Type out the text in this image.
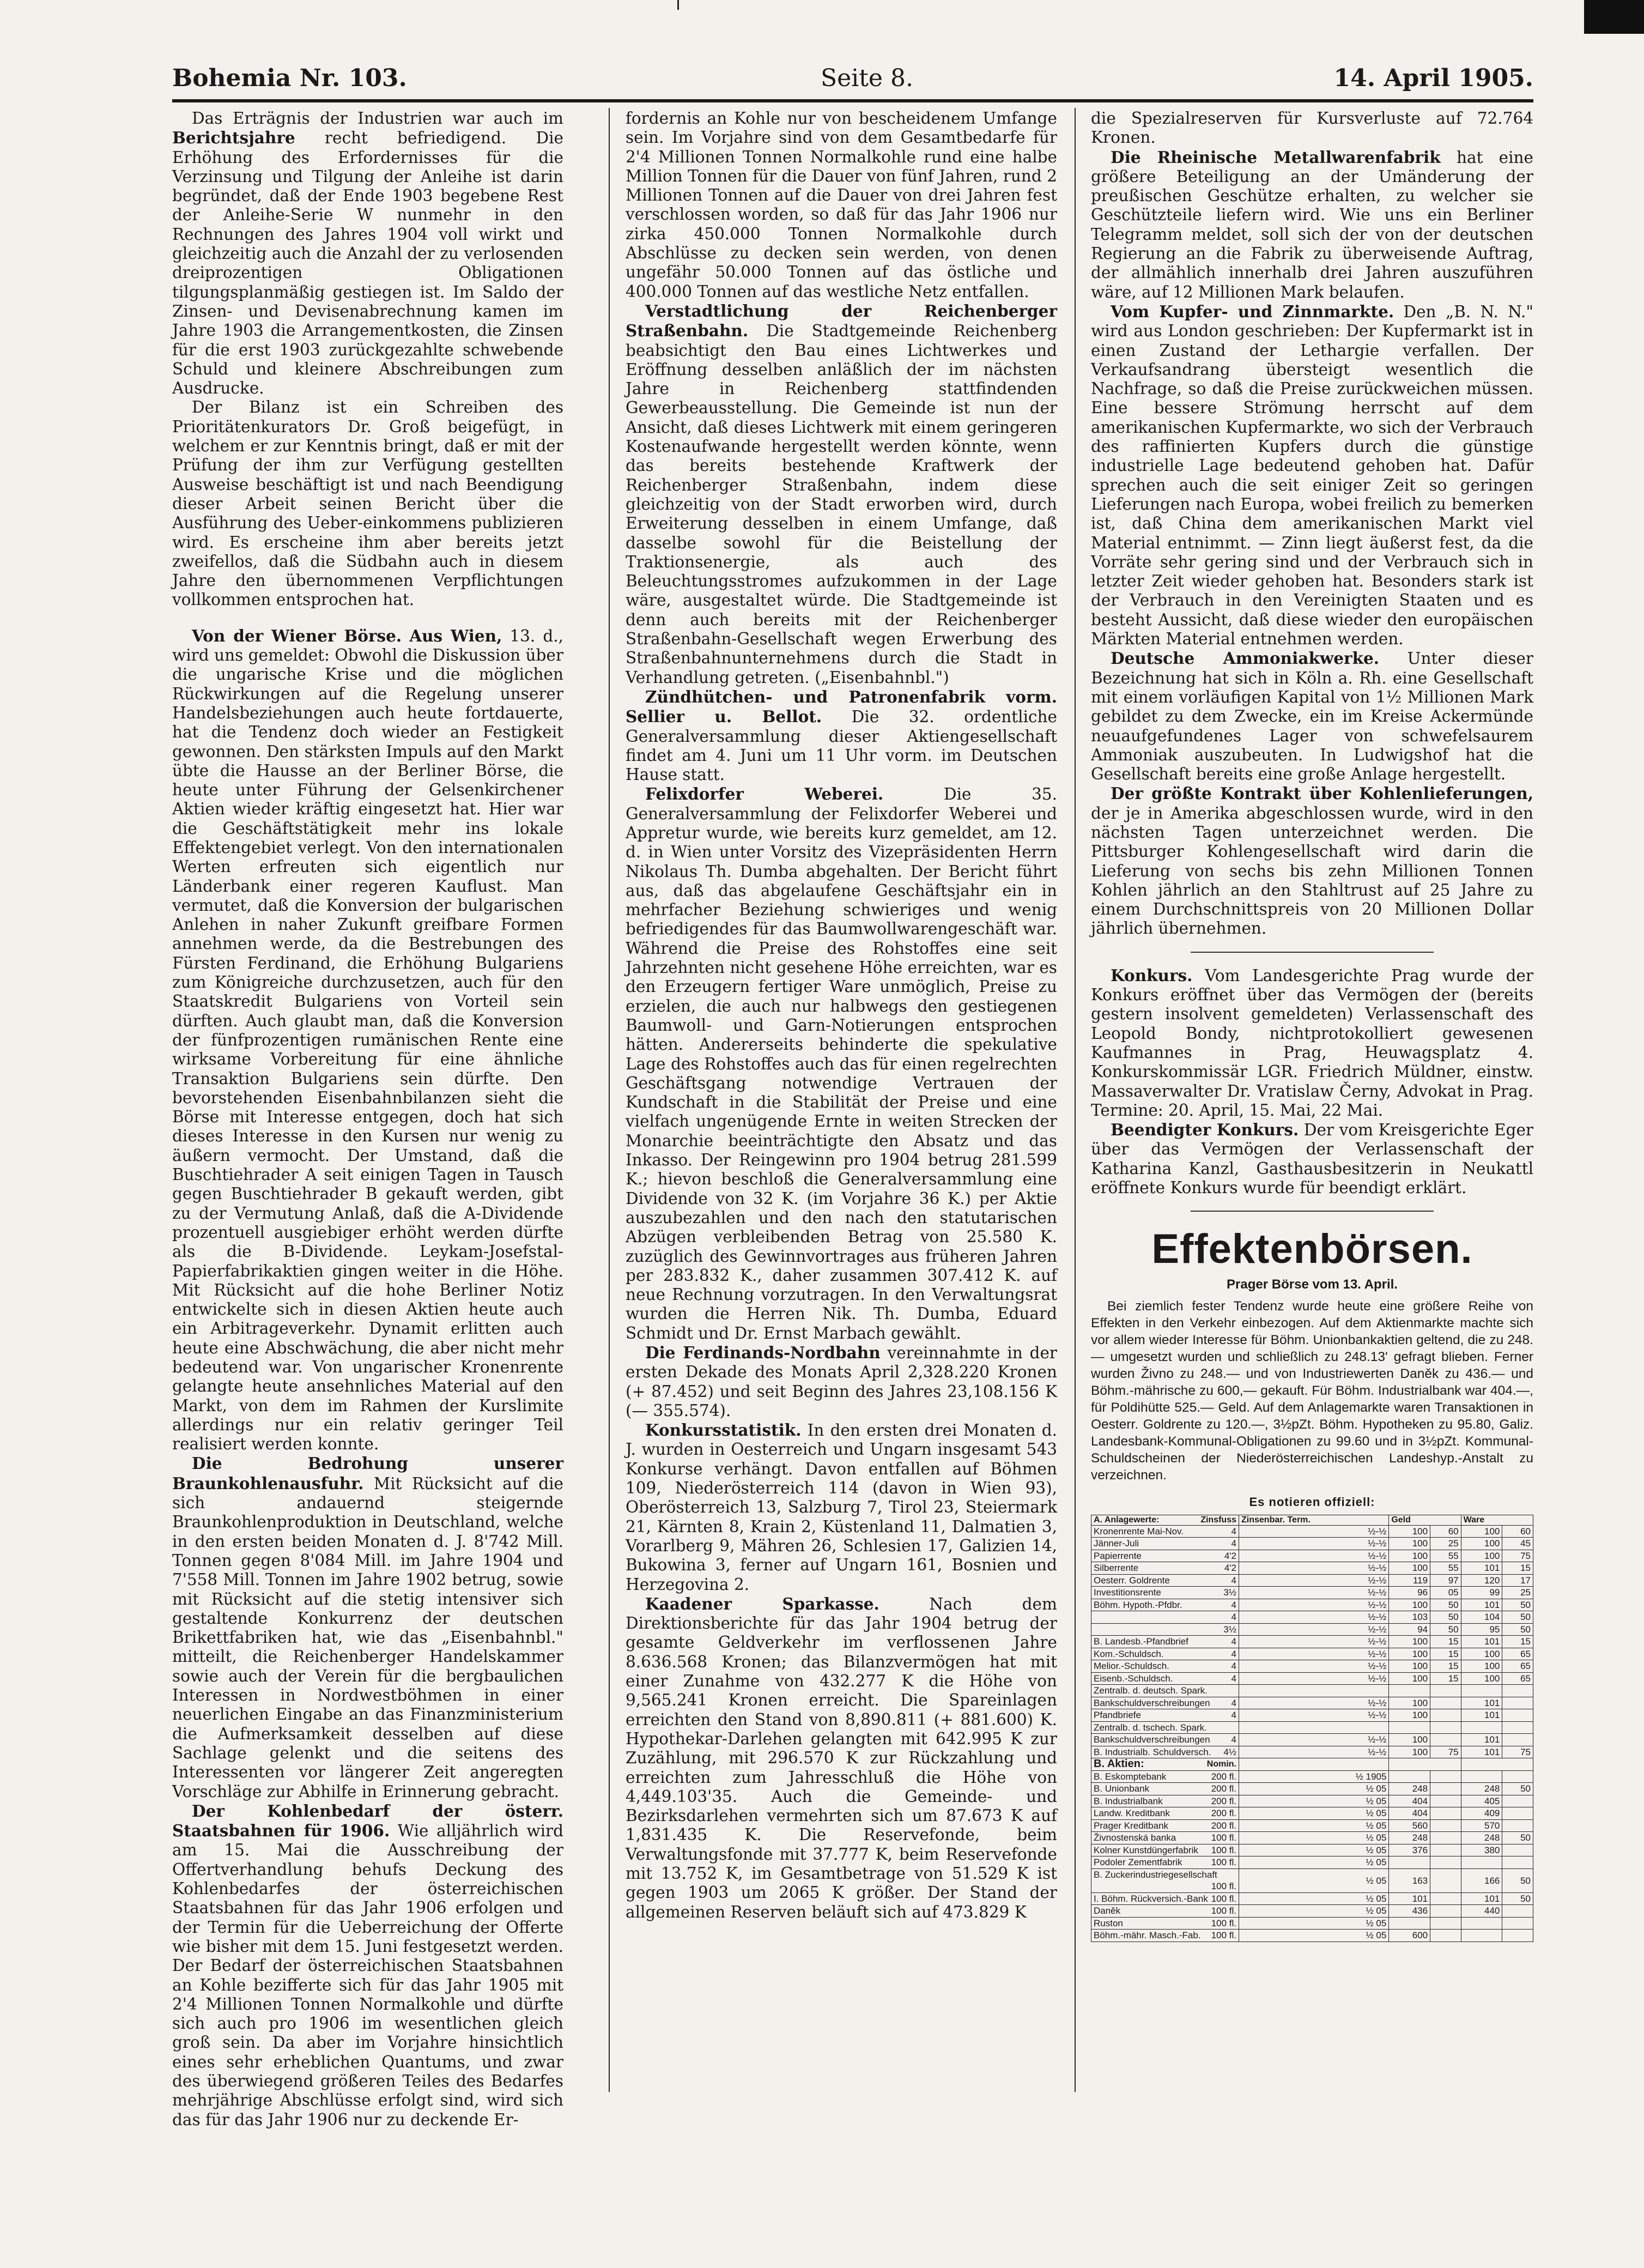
Bohemia Nr. 103.	Seite 8.	14. April 1905.

Das Erträgnis der Industrien war auch im Berichtsjahre recht befriedigend. Die Erhöhung des Erfordernisses für die Verzinsung und Tilgung der Anleihe ist darin begründet, daß der Ende 1903 begebene Rest der Anleihe-Serie W nunmehr in den Rechnungen des Jahres 1904 voll wirkt und gleichzeitig auch die Anzahl der zu verlosenden dreiprozentigen Obligationen tilgungsplanmäßig gestiegen ist. Im Saldo der Zinsen- und Devisenabrechnung kamen im Jahre 1903 die Arrangementkosten, die Zinsen für die erst 1903 zurückgezahlte schwebende Schuld und kleinere Abschreibungen zum Ausdrucke.

Der Bilanz ist ein Schreiben des Prioritätenkurators Dr. Groß beigefügt, in welchem er zur Kenntnis bringt, daß er mit der Prüfung der ihm zur Verfügung gestellten Ausweise beschäftigt ist und nach Beendigung dieser Arbeit seinen Bericht über die Ausführung des Ueber-einkommens publizieren wird. Es erscheine ihm aber bereits jetzt zweifellos, daß die Südbahn auch in diesem Jahre den übernommenen Verpflichtungen vollkommen entsprochen hat.

Von der Wiener Börse. Aus Wien, 13. d., wird uns gemeldet: Obwohl die Diskussion über die ungarische Krise und die möglichen Rückwirkungen auf die Regelung unserer Handelsbeziehungen auch heute fortdauerte, hat die Tendenz doch wieder an Festigkeit gewonnen. Den stärksten Impuls auf den Markt übte die Hausse an der Berliner Börse, die heute unter Führung der Gelsenkirchener Aktien wieder kräftig eingesetzt hat. Hier war die Geschäftstätigkeit mehr ins lokale Effektengebiet verlegt. Von den internationalen Werten erfreuten sich eigentlich nur Länderbank einer regeren Kauflust. Man vermutet, daß die Konversion der bulgarischen Anlehen in naher Zukunft greifbare Formen annehmen werde, da die Bestrebungen des Fürsten Ferdinand, die Erhöhung Bulgariens zum Königreiche durchzusetzen, auch für den Staatskredit Bulgariens von Vorteil sein dürften. Auch glaubt man, daß die Konversion der fünfprozentigen rumänischen Rente eine wirksame Vorbereitung für eine ähnliche Transaktion Bulgariens sein dürfte. Den bevorstehenden Eisenbahnbilanzen sieht die Börse mit Interesse entgegen, doch hat sich dieses Interesse in den Kursen nur wenig zu äußern vermocht. Der Umstand, daß die Buschtiehrader A seit einigen Tagen in Tausch gegen Buschtiehrader B gekauft werden, gibt zu der Vermutung Anlaß, daß die A-Dividende prozentuell ausgiebiger erhöht werden dürfte als die B-Dividende. Leykam-Josefstal-Papierfabrikaktien gingen weiter in die Höhe. Mit Rücksicht auf die hohe Berliner Notiz entwickelte sich in diesen Aktien heute auch ein Arbitrageverkehr. Dynamit erlitten auch heute eine Abschwächung, die aber nicht mehr bedeutend war. Von ungarischer Kronenrente gelangte heute ansehnliches Material auf den Markt, von dem im Rahmen der Kurslimite allerdings nur ein relativ geringer Teil realisiert werden konnte.

Die Bedrohung unserer Braunkohlenausfuhr. Mit Rücksicht auf die sich andauernd steigernde Braunkohlenproduktion in Deutschland, welche in den ersten beiden Monaten d. J. 8'742 Mill. Tonnen gegen 8'084 Mill. im Jahre 1904 und 7'558 Mill. Tonnen im Jahre 1902 betrug, sowie mit Rücksicht auf die stetig intensiver sich gestaltende Konkurrenz der deutschen Brikettfabriken hat, wie das „Eisenbahnbl." mitteilt, die Reichenberger Handelskammer sowie auch der Verein für die bergbaulichen Interessen in Nordwestböhmen in einer neuerlichen Eingabe an das Finanzministerium die Aufmerksamkeit desselben auf diese Sachlage gelenkt und die seitens des Interessenten vor längerer Zeit angeregten Vorschläge zur Abhilfe in Erinnerung gebracht.

Der Kohlenbedarf der österr. Staatsbahnen für 1906. Wie alljährlich wird am 15. Mai die Ausschreibung der Offertverhandlung behufs Deckung des Kohlenbedarfes der österreichischen Staatsbahnen für das Jahr 1906 erfolgen und der Termin für die Ueberreichung der Offerte wie bisher mit dem 15. Juni festgesetzt werden. Der Bedarf der österreichischen Staatsbahnen an Kohle bezifferte sich für das Jahr 1905 mit 2'4 Millionen Tonnen Normalkohle und dürfte sich auch pro 1906 im wesentlichen gleich groß sein. Da aber im Vorjahre hinsichtlich eines sehr erheblichen Quantums, und zwar des überwiegend größeren Teiles des Bedarfes mehrjährige Abschlüsse erfolgt sind, wird sich das für das Jahr 1906 nur zu deckende Er-

fordernis an Kohle nur von bescheidenem Umfange sein. Im Vorjahre sind von dem Gesamtbedarfe für 2'4 Millionen Tonnen Normalkohle rund eine halbe Million Tonnen für die Dauer von fünf Jahren, rund 2 Millionen Tonnen auf die Dauer von drei Jahren fest verschlossen worden, so daß für das Jahr 1906 nur zirka 450.000 Tonnen Normalkohle durch Abschlüsse zu decken sein werden, von denen ungefähr 50.000 Tonnen auf das östliche und 400.000 Tonnen auf das westliche Netz entfallen.

Verstadtlichung der Reichenberger Straßenbahn. Die Stadtgemeinde Reichenberg beabsichtigt den Bau eines Lichtwerkes und Eröffnung desselben anläßlich der im nächsten Jahre in Reichenberg stattfindenden Gewerbeausstellung. Die Gemeinde ist nun der Ansicht, daß dieses Lichtwerk mit einem geringeren Kostenaufwande hergestellt werden könnte, wenn das bereits bestehende Kraftwerk der Reichenberger Straßenbahn, indem diese gleichzeitig von der Stadt erworben wird, durch Erweiterung desselben in einem Umfange, daß dasselbe sowohl für die Beistellung der Traktionsenergie, als auch des Beleuchtungsstromes aufzukommen in der Lage wäre, ausgestaltet würde. Die Stadtgemeinde ist denn auch bereits mit der Reichenberger Straßenbahn-Gesellschaft wegen Erwerbung des Straßenbahnunternehmens durch die Stadt in Verhandlung getreten. („Eisenbahnbl.")

Zündhütchen- und Patronenfabrik vorm. Sellier u. Bellot. Die 32. ordentliche Generalversammlung dieser Aktiengesellschaft findet am 4. Juni um 11 Uhr vorm. im Deutschen Hause statt.

Felixdorfer Weberei. Die 35. Generalversammlung der Felixdorfer Weberei und Appretur wurde, wie bereits kurz gemeldet, am 12. d. in Wien unter Vorsitz des Vizepräsidenten Herrn Nikolaus Th. Dumba abgehalten. Der Bericht führt aus, daß das abgelaufene Geschäftsjahr ein in mehrfacher Beziehung schwieriges und wenig befriedigendes für das Baumwollwarengeschäft war. Während die Preise des Rohstoffes eine seit Jahrzehnten nicht gesehene Höhe erreichten, war es den Erzeugern fertiger Ware unmöglich, Preise zu erzielen, die auch nur halbwegs den gestiegenen Baumwoll- und Garn-Notierungen entsprochen hätten. Andererseits behinderte die spekulative Lage des Rohstoffes auch das für einen regelrechten Geschäftsgang notwendige Vertrauen der Kundschaft in die Stabilität der Preise und eine vielfach ungenügende Ernte in weiten Strecken der Monarchie beeinträchtigte den Absatz und das Inkasso. Der Reingewinn pro 1904 betrug 281.599 K.; hievon beschloß die Generalversammlung eine Dividende von 32 K. (im Vorjahre 36 K.) per Aktie auszubezahlen und den nach den statutarischen Abzügen verbleibenden Betrag von 25.580 K. zuzüglich des Gewinnvortrages aus früheren Jahren per 283.832 K., daher zusammen 307.412 K. auf neue Rechnung vorzutragen. In den Verwaltungsrat wurden die Herren Nik. Th. Dumba, Eduard Schmidt und Dr. Ernst Marbach gewählt.

Die Ferdinands-Nordbahn vereinnahmte in der ersten Dekade des Monats April 2,328.220 Kronen (+ 87.452) und seit Beginn des Jahres 23,108.156 K (— 355.574).

Konkursstatistik. In den ersten drei Monaten d. J. wurden in Oesterreich und Ungarn insgesamt 543 Konkurse verhängt. Davon entfallen auf Böhmen 109, Niederösterreich 114 (davon in Wien 93), Oberösterreich 13, Salzburg 7, Tirol 23, Steiermark 21, Kärnten 8, Krain 2, Küstenland 11, Dalmatien 3, Vorarlberg 9, Mähren 26, Schlesien 17, Galizien 14, Bukowina 3, ferner auf Ungarn 161, Bosnien und Herzegovina 2.

Kaadener Sparkasse. Nach dem Direktionsberichte für das Jahr 1904 betrug der gesamte Geldverkehr im verflossenen Jahre 8.636.568 Kronen; das Bilanzvermögen hat mit einer Zunahme von 432.277 K die Höhe von 9,565.241 Kronen erreicht. Die Spareinlagen erreichten den Stand von 8,890.811 (+ 881.600) K. Hypothekar-Darlehen gelangten mit 642.995 K zur Zuzählung, mit 296.570 K zur Rückzahlung und erreichten zum Jahresschluß die Höhe von 4,449.103'35. Auch die Gemeinde- und Bezirksdarlehen vermehrten sich um 87.673 K auf 1,831.435 K. Die Reservefonde, beim Verwaltungsfonde mit 37.777 K, beim Reservefonde mit 13.752 K, im Gesamtbetrage von 51.529 K ist gegen 1903 um 2065 K größer. Der Stand der allgemeinen Reserven beläuft sich auf 473.829 K

die Spezialreserven für Kursverluste auf 72.764 Kronen.

Die Rheinische Metallwarenfabrik hat eine größere Beteiligung an der Umänderung der preußischen Geschütze erhalten, zu welcher sie Geschützteile liefern wird. Wie uns ein Berliner Telegramm meldet, soll sich der von der deutschen Regierung an die Fabrik zu überweisende Auftrag, der allmählich innerhalb drei Jahren auszuführen wäre, auf 12 Millionen Mark belaufen.

Vom Kupfer- und Zinnmarkte. Den „B. N. N." wird aus London geschrieben: Der Kupfermarkt ist in einen Zustand der Lethargie verfallen. Der Verkaufsandrang übersteigt wesentlich die Nachfrage, so daß die Preise zurückweichen müssen. Eine bessere Strömung herrscht auf dem amerikanischen Kupfermarkte, wo sich der Verbrauch des raffinierten Kupfers durch die günstige industrielle Lage bedeutend gehoben hat. Dafür sprechen auch die seit einiger Zeit so geringen Lieferungen nach Europa, wobei freilich zu bemerken ist, daß China dem amerikanischen Markt viel Material entnimmt. — Zinn liegt äußerst fest, da die Vorräte sehr gering sind und der Verbrauch sich in letzter Zeit wieder gehoben hat. Besonders stark ist der Verbrauch in den Vereinigten Staaten und es besteht Aussicht, daß diese wieder den europäischen Märkten Material entnehmen werden.

Deutsche Ammoniakwerke. Unter dieser Bezeichnung hat sich in Köln a. Rh. eine Gesellschaft mit einem vorläufigen Kapital von 1½ Millionen Mark gebildet zu dem Zwecke, ein im Kreise Ackermünde neuaufgefundenes Lager von schwefelsaurem Ammoniak auszubeuten. In Ludwigshof hat die Gesellschaft bereits eine große Anlage hergestellt.

Der größte Kontrakt über Kohlenlieferungen, der je in Amerika abgeschlossen wurde, wird in den nächsten Tagen unterzeichnet werden. Die Pittsburger Kohlengesellschaft wird darin die Lieferung von sechs bis zehn Millionen Tonnen Kohlen jährlich an den Stahltrust auf 25 Jahre zu einem Durchschnittspreis von 20 Millionen Dollar jährlich übernehmen.

Konkurs. Vom Landesgerichte Prag wurde der Konkurs eröffnet über das Vermögen der (bereits gestern insolvent gemeldeten) Verlassenschaft des Leopold Bondy, nichtprotokolliert gewesenen Kaufmannes in Prag, Heuwagsplatz 4. Konkurskommissär LGR. Friedrich Müldner, einstw. Massaverwalter Dr. Vratislaw Černy, Advokat in Prag. Termine: 20. April, 15. Mai, 22 Mai.

Beendigter Konkurs. Der vom Kreisgerichte Eger über das Vermögen der Verlassenschaft der Katharina Kanzl, Gasthausbesitzerin in Neukattl eröffnete Konkurs wurde für beendigt erklärt.

Effektenbörsen.
Prager Börse vom 13. April.

Bei ziemlich fester Tendenz wurde heute eine größere Reihe von Effekten in den Verkehr einbezogen. Auf dem Aktienmarkte machte sich vor allem wieder Interesse für Böhm. Unionbankaktien geltend, die zu 248.— umgesetzt wurden und schließlich zu 248.13' gefragt blieben. Ferner wurden Živno zu 248.— und von Industriewerten Daněk zu 436.— und Böhm.-mährische zu 600,— gekauft. Für Böhm. Industrialbank war 404.—, für Poldihütte 525.— Geld. Auf dem Anlagemarkte waren Transaktionen in Oesterr. Goldrente zu 120.—, 3½pZt. Böhm. Hypotheken zu 95.80, Galiz. Landesbank-Kommunal-Obligationen zu 99.60 und in 3½pZt. Kommunal-Schuldscheinen der Niederösterreichischen Landeshyp.-Anstalt zu verzeichnen.

Es notieren offiziell:
A. Anlagewerte: Zinsfuss	Zinsenbar. Term.	Geld		Ware	
Kronenrente Mai-Nov. 4	½-½	100	60	100	60
Jänner-Juli 4	½-½	100	25	100	45
Papierrente 4'2	½-½	100	55	100	75
Silberrente 4'2	½-½	100	55	101	15
Oesterr. Goldrente 4	½-½	119	97	120	17
Investitionsrente 3½	½-½	96	05	99	25
Böhm. Hypoth.-Pfdbr. 4	½-½	100	50	101	50

4	½-½	103	50	104	50

3½	½-½	94	50	95	50
B. Landesb.-Pfandbrief 4	½-½	100	15	101	15
Kom.-Schuldsch. 4	½-½	100	15	100	65
Melior.-Schuldsch. 4	½-½	100	15	100	65
Eisenb.-Schuldsch. 4	½-½	100	15	100	65
Zentralb. d. deutsch. Spark.

Bankschuldverschreibungen 4	½-½	100		101	
Pfandbriefe 4	½-½	100		101	
Zentralb. d. tschech. Spark.

Bankschuldverschreibungen 4	½-½	100		101	
B. Industrialb. Schuldversch. 4½	½-½	100	75	101	75
B. Aktien: Nomin.					

B. Eskomptebank 200 fl.	½ 1905				
B. Unionbank 200 fl.	½ 05	248		248	50
B. Industrialbank 200 fl.	½ 05	404		405	
Landw. Kreditbank 200 fl.	½ 05	404		409	
Prager Kreditbank 200 fl.	½ 05	560		570	
Živnostenská banka 100 fl.	½ 05	248		248	50
Kolner Kunstdüngerfabrik 100 fl.	½ 05	376		380	
Podoler Zementfabrik 100 fl.	½ 05				
B. Zuckerindustriegesellschaft
100 fl.	½ 05	163		166	50
I. Böhm. Rückversich.-Bank 100 fl.	½ 05	101		101	50
Daněk 100 fl.	½ 05	436		440	
Ruston 100 fl.	½ 05				
Böhm.-mähr. Masch.-Fab. 100 fl.	½ 05	600			
